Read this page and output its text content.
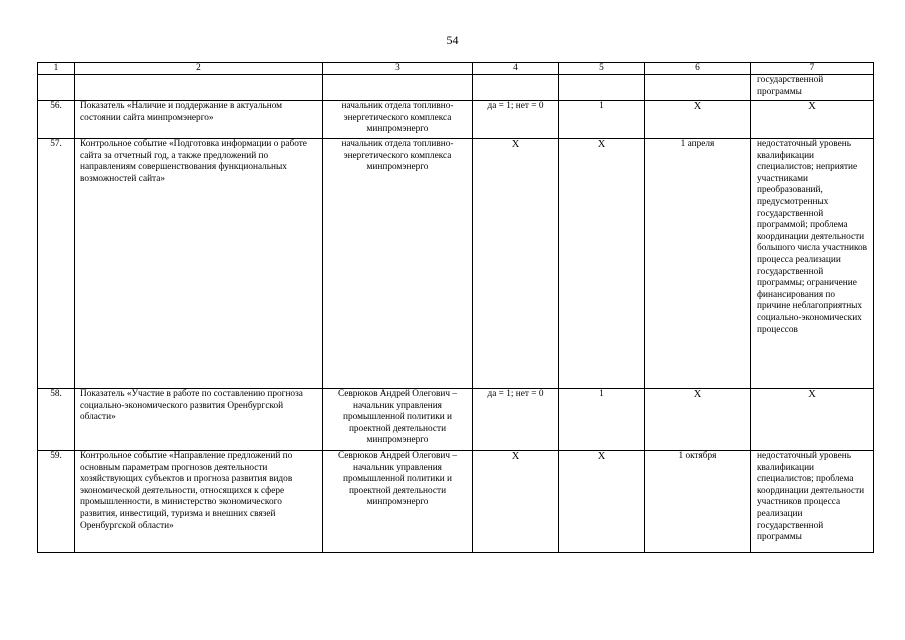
54
1	2	3	4	5	6	7
						государственной программы
56.	Показатель «Наличие и поддержание в актуальном состоянии сайта минпромэнерго»	начальник отдела топливно-энергетического комплекса минпромэнерго	да = 1; нет = 0	1	Х	Х
57.	Контрольное событие «Подготовка информации о работе сайта за отчетный год, а также предложений по направлениям совершенствования функциональных возможностей сайта»	начальник отдела топливно-энергетического комплекса минпромэнерго	Х	Х	1 апреля	недостаточный уровень квалификации специалистов; неприятие участниками преобразований, предусмотренных государственной программой; проблема координации деятельности большого числа участников процесса реализации государственной программы; ограничение финансирования по причине неблагоприятных социально-экономических процессов
58.	Показатель «Участие в работе по составлению прогноза социально-экономического развития Оренбургской области»	Севрюков Андрей Олегович – начальник управления промышленной политики и проектной деятельности минпромэнерго	да = 1; нет = 0	1	Х	Х
59.	Контрольное событие «Направление предложений по основным параметрам прогнозов деятельности хозяйствующих субъектов и прогноза развития видов экономической деятельности, относящихся к сфере промышленности, в министерство экономического развития, инвестиций, туризма и внешних связей Оренбургской области»	Севрюков Андрей Олегович – начальник управления промышленной политики и проектной деятельности минпромэнерго	Х	Х	1 октября	недостаточный уровень квалификации специалистов; проблема координации деятельности участников процесса реализации государственной программы
